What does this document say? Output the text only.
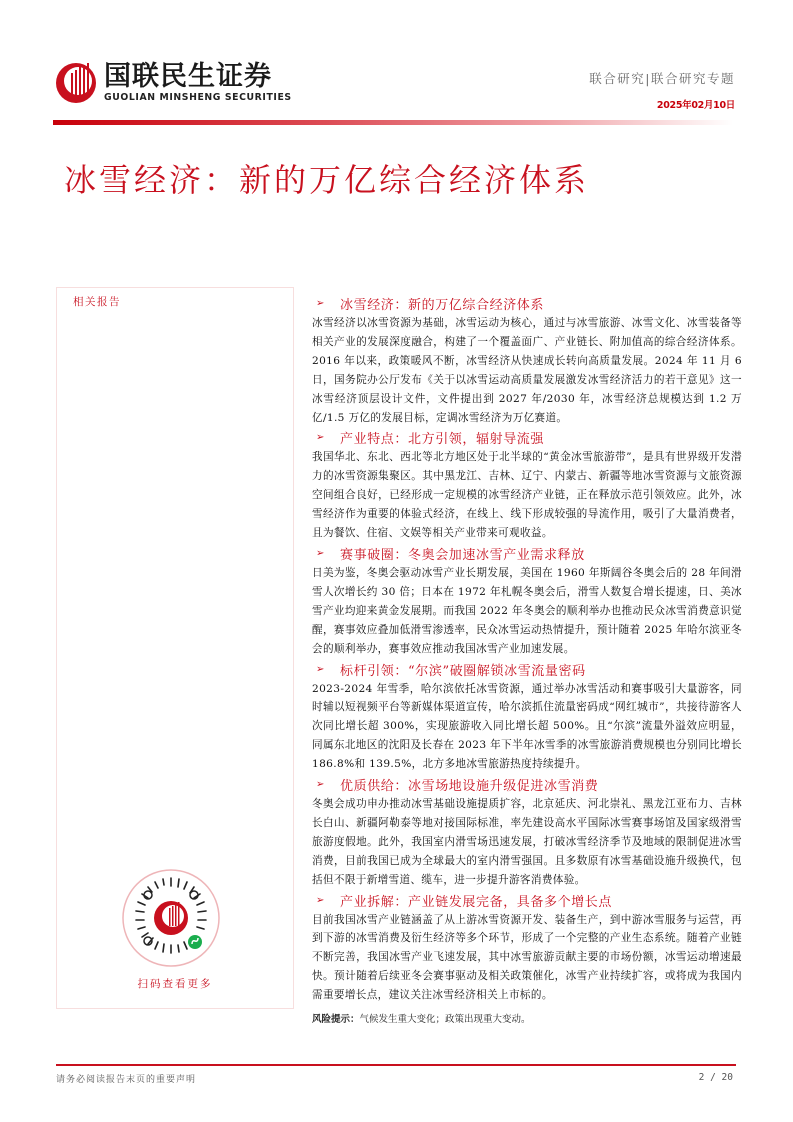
国联民生证券
GUOLIAN MINSHENG SECURITIES
联合研究|联合研究专题
2025年02月10日
冰雪经济：新的万亿综合经济体系
相关报告
扫码查看更多
➢	冰雪经济：新的万亿综合经济体系

冰雪经济以冰雪资源为基础，冰雪运动为核心，通过与冰雪旅游、冰雪文化、冰雪装备等相关产业的发展深度融合，构建了一个覆盖面广、产业链长、附加值高的综合经济体系。2016 年以来，政策暖风不断，冰雪经济从快速成长转向高质量发展。2024 年 11 月 6 日，国务院办公厅发布《关于以冰雪运动高质量发展激发冰雪经济活力的若干意见》这一冰雪经济顶层设计文件，文件提出到 2027 年/2030 年，冰雪经济总规模达到 1.2 万亿/1.5 万亿的发展目标，定调冰雪经济为万亿赛道。

➢	产业特点：北方引领，辐射导流强

我国华北、东北、西北等北方地区处于北半球的“黄金冰雪旅游带”，是具有世界级开发潜力的冰雪资源集聚区。其中黑龙江、吉林、辽宁、内蒙古、新疆等地冰雪资源与文旅资源空间组合良好，已经形成一定规模的冰雪经济产业链，正在释放示范引领效应。此外，冰雪经济作为重要的体验式经济，在线上、线下形成较强的导流作用，吸引了大量消费者，且为餐饮、住宿、文娱等相关产业带来可观收益。

➢	赛事破圈：冬奥会加速冰雪产业需求释放

日美为鉴，冬奥会驱动冰雪产业长期发展，美国在 1960 年斯阔谷冬奥会后的 28 年间滑雪人次增长约 30 倍；日本在 1972 年札幌冬奥会后，滑雪人数复合增长提速，日、美冰雪产业均迎来黄金发展期。而我国 2022 年冬奥会的顺利举办也推动民众冰雪消费意识觉醒，赛事效应叠加低滑雪渗透率，民众冰雪运动热情提升，预计随着 2025 年哈尔滨亚冬会的顺利举办，赛事效应推动我国冰雪产业加速发展。

➢	标杆引领：“尔滨”破圈解锁冰雪流量密码

2023-2024 年雪季，哈尔滨依托冰雪资源，通过举办冰雪活动和赛事吸引大量游客，同时辅以短视频平台等新媒体渠道宣传，哈尔滨抓住流量密码成“网红城市”，共接待游客人次同比增长超 300%，实现旅游收入同比增长超 500%。且“尔滨”流量外溢效应明显，同属东北地区的沈阳及长春在 2023 年下半年冰雪季的冰雪旅游消费规模也分别同比增长 186.8%和 139.5%，北方多地冰雪旅游热度持续提升。

➢	优质供给：冰雪场地设施升级促进冰雪消费

冬奥会成功申办推动冰雪基础设施提质扩容，北京延庆、河北崇礼、黑龙江亚布力、吉林长白山、新疆阿勒泰等地对接国际标准，率先建设高水平国际冰雪赛事场馆及国家级滑雪旅游度假地。此外，我国室内滑雪场迅速发展，打破冰雪经济季节及地域的限制促进冰雪消费，目前我国已成为全球最大的室内滑雪强国。且多数原有冰雪基础设施升级换代，包括但不限于新增雪道、缆车，进一步提升游客消费体验。

➢	产业拆解：产业链发展完备，具备多个增长点

目前我国冰雪产业链涵盖了从上游冰雪资源开发、装备生产，到中游冰雪服务与运营，再到下游的冰雪消费及衍生经济等多个环节，形成了一个完整的产业生态系统。随着产业链不断完善，我国冰雪产业飞速发展，其中冰雪旅游贡献主要的市场份额，冰雪运动增速最快。预计随着后续亚冬会赛事驱动及相关政策催化，冰雪产业持续扩容，或将成为我国内需重要增长点，建议关注冰雪经济相关上市标的。

风险提示：气候发生重大变化；政策出现重大变动。

请务必阅读报告末页的重要声明	2 / 20
